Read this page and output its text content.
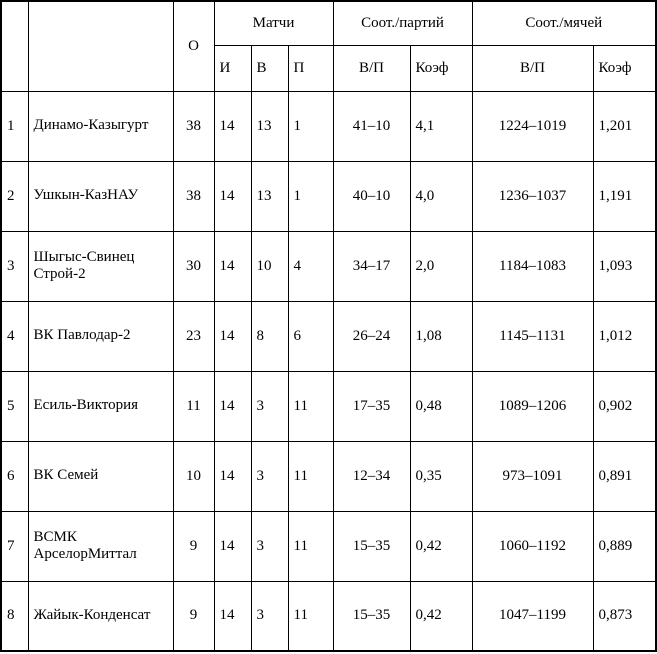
		О	Матчи			Соот./партий		Соот./мячей	
			И	В	П	В/П	Коэф	В/П	Коэф
1	Динамо-Казыгурт	38	14	13	1	41–10	4,1	1224–1019	1,201
2	Ушкын-КазНАУ	38	14	13	1	40–10	4,0	1236–1037	1,191
3	Шыгыс-Свинец Строй-2	30	14	10	4	34–17	2,0	1184–1083	1,093
4	ВК Павлодар-2	23	14	8	6	26–24	1,08	1145–1131	1,012
5	Есиль-Виктория	11	14	3	11	17–35	0,48	1089–1206	0,902
6	ВК Семей	10	14	3	11	12–34	0,35	973–1091	0,891
7	ВСМК АрселорМиттал	9	14	3	11	15–35	0,42	1060–1192	0,889
8	Жайык-Конденсат	9	14	3	11	15–35	0,42	1047–1199	0,873
